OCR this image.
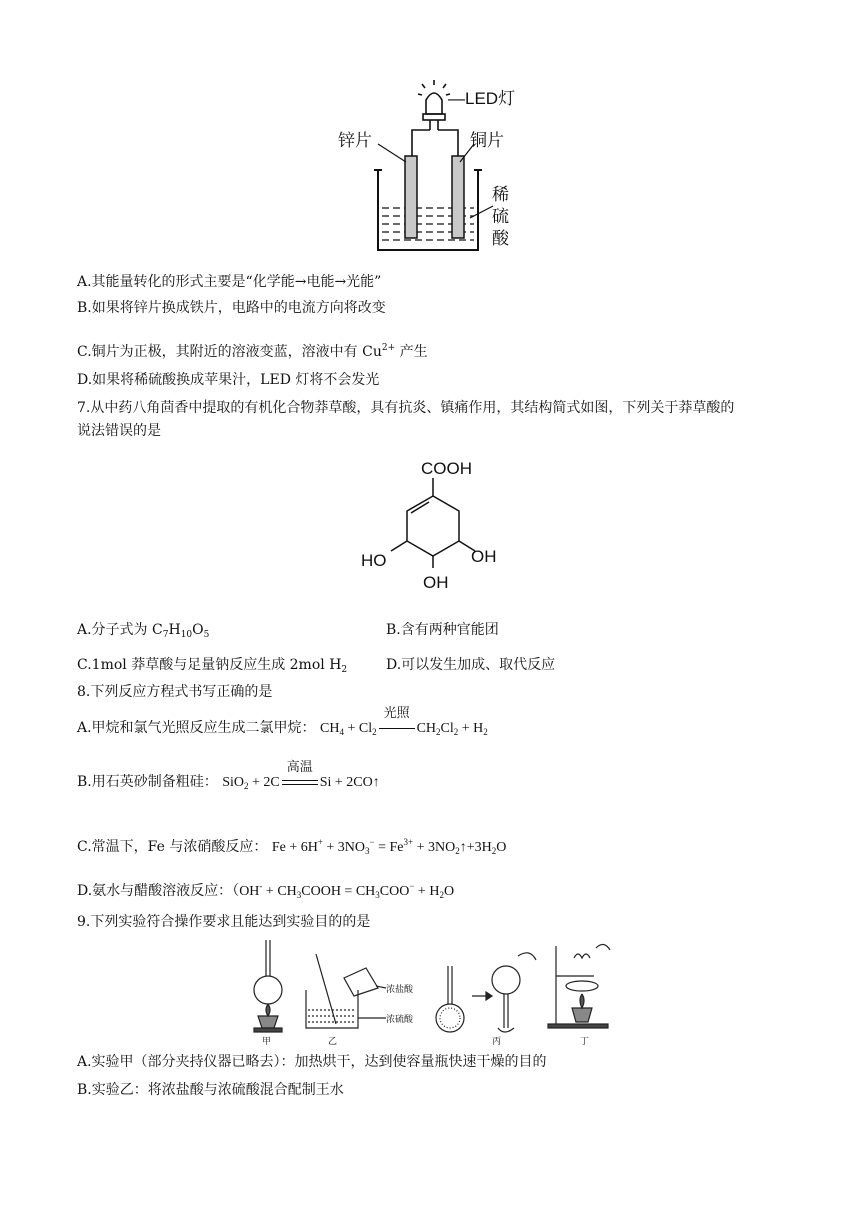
—LED灯
锌片	铜片
稀
硫
酸
A.其能量转化的形式主要是“化学能→电能→光能”
B.如果将锌片换成铁片，电路中的电流方向将改变
C.铜片为正极，其附近的溶液变蓝，溶液中有 $Cu^{2+}$ 产生
D.如果将稀硫酸换成苹果汁，LED 灯将不会发光
7.从中药八角茴香中提取的有机化合物莽草酸，具有抗炎、镇痛作用，其结构简式如图，下列关于莽草酸的
说法错误的是
COOH
HO	OH
OH
A.分子式为 $C_7H_{10}O_5$	B.含有两种官能团
C.1mol 莽草酸与足量钠反应生成 2mol $H_2$	D.可以发生加成、取代反应
8.下列反应方程式书写正确的是
A.甲烷和氯气光照反应生成二氯甲烷： $CH_4 + Cl_2$
光照
$CH_2Cl_2 + H_2$
B.用石英砂制备粗硅： SiO$_2$ + 2C
高温
Si + 2CO↑
C.常温下，Fe 与浓硝酸反应： $Fe + 6H^+ + 3NO_3^- = Fe^{3+}$ + $3NO_2↑+3H_2O$
D.氨水与醋酸溶液反应：（$OH^- + CH_3COOH = CH_3COO^- + H_2O$
9.下列实验符合操作要求且能达到实验目的的是
甲	乙	丙	丁
浓盐酸
浓硫酸
A.实验甲（部分夹持仪器已略去）：加热烘干，达到使容量瓶快速干燥的目的
B.实验乙：将浓盐酸与浓硫酸混合配制王水
